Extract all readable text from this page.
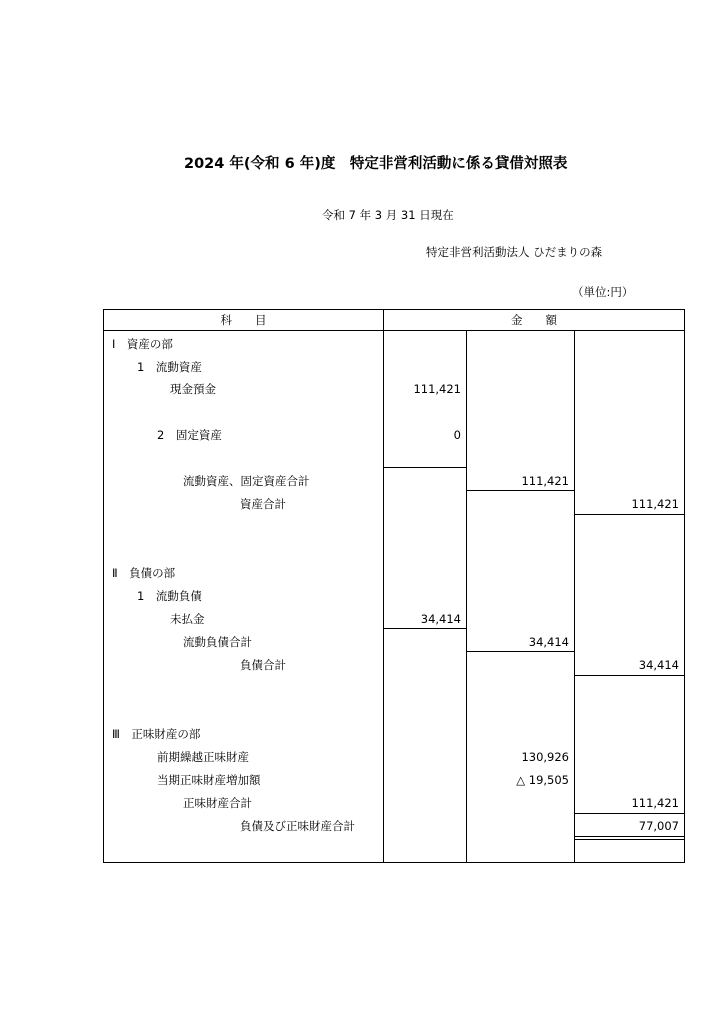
2024 年(令和 6 年)度　特定非営利活動に係る貸借対照表
令和 7 年 3 月 31 日現在
特定非営利活動法人 ひだまりの森
（単位:円）
科　　目	金　　額
Ⅰ　資産の部
1　流動資産
現金預金	111,421
2　固定資産	0
流動資産、固定資産合計	111,421
資産合計	111,421
Ⅱ　負債の部
1　流動負債
未払金	34,414
流動負債合計	34,414
負債合計	34,414
Ⅲ　正味財産の部
前期繰越正味財産	130,926
当期正味財産増加額	△ 19,505
正味財産合計	111,421
負債及び正味財産合計	77,007
